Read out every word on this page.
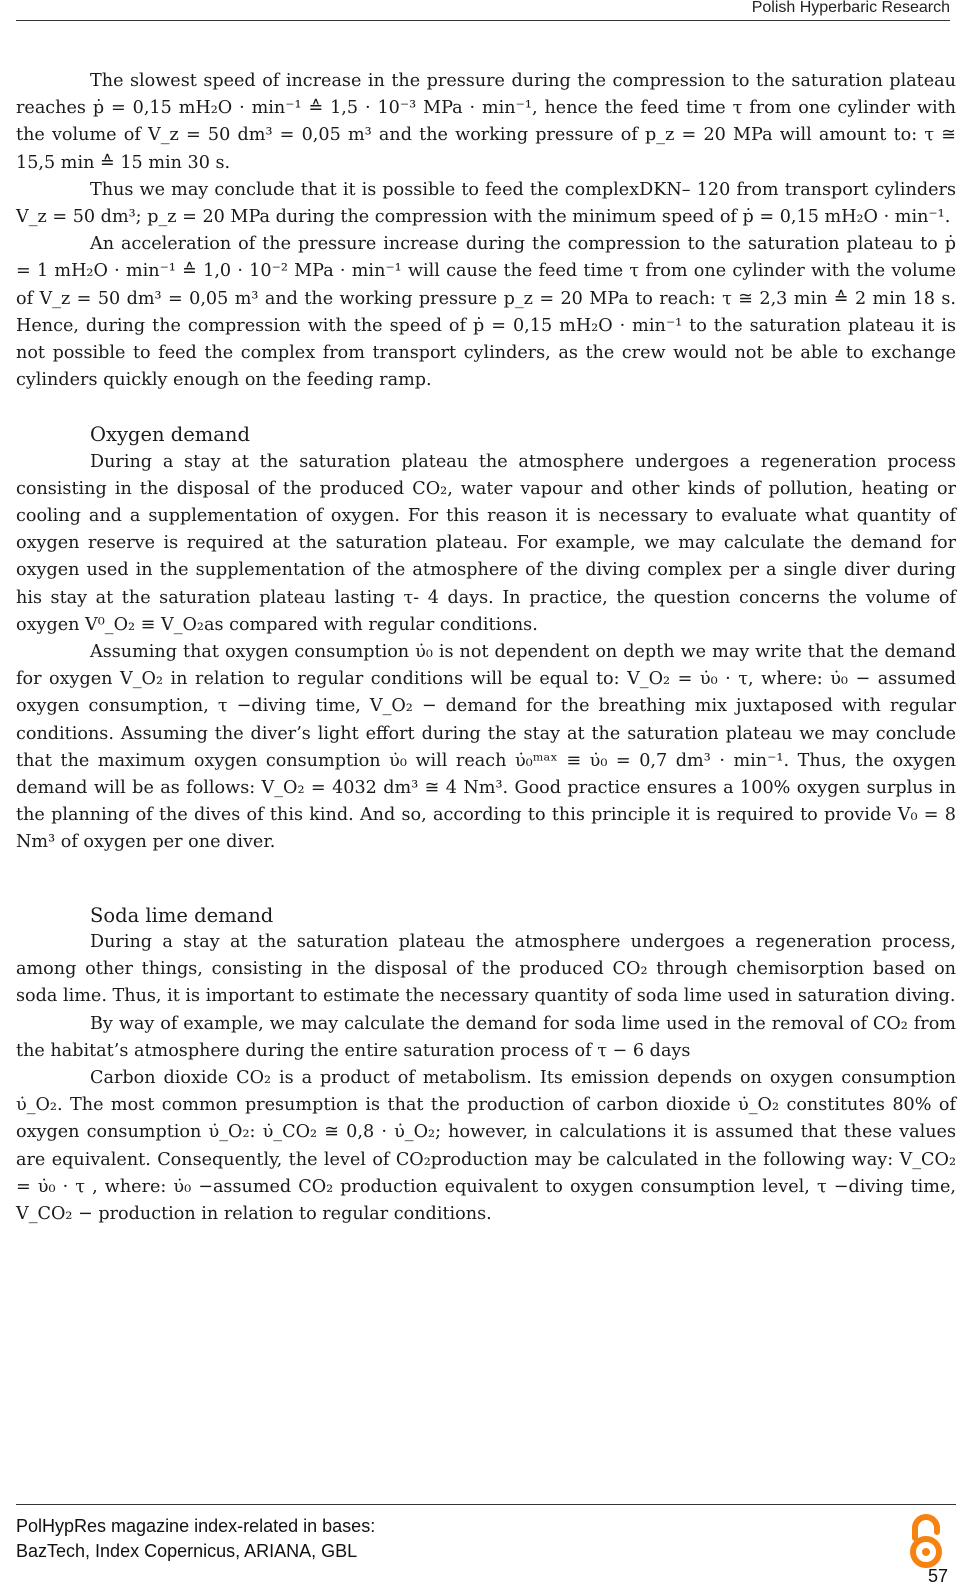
Polish Hyperbaric Research

The slowest speed of increase in the pressure during the compression to the saturation plateau reaches ṗ = 0,15 mH₂O · min⁻¹ ≙ 1,5 · 10⁻³ MPa · min⁻¹, hence the feed time τ from one cylinder with the volume of V_z = 50 dm³ = 0,05 m³ and the working pressure of p_z = 20 MPa will amount to: τ ≅ 15,5 min ≙ 15 min 30 s.

Thus we may conclude that it is possible to feed the complexDKN– 120 from transport cylinders V_z = 50 dm³; p_z = 20 MPa during the compression with the minimum speed of ṗ = 0,15 mH₂O · min⁻¹.

An acceleration of the pressure increase during the compression to the saturation plateau to ṗ = 1 mH₂O · min⁻¹ ≙ 1,0 · 10⁻² MPa · min⁻¹ will cause the feed time τ from one cylinder with the volume of V_z = 50 dm³ = 0,05 m³ and the working pressure p_z = 20 MPa to reach: τ ≅ 2,3 min ≙ 2 min 18 s. Hence, during the compression with the speed of ṗ = 0,15 mH₂O · min⁻¹ to the saturation plateau it is not possible to feed the complex from transport cylinders, as the crew would not be able to exchange cylinders quickly enough on the feeding ramp.

Oxygen demand

During a stay at the saturation plateau the atmosphere undergoes a regeneration process consisting in the disposal of the produced CO₂, water vapour and other kinds of pollution, heating or cooling and a supplementation of oxygen. For this reason it is necessary to evaluate what quantity of oxygen reserve is required at the saturation plateau. For example, we may calculate the demand for oxygen used in the supplementation of the atmosphere of the diving complex per a single diver during his stay at the saturation plateau lasting τ- 4 days. In practice, the question concerns the volume of oxygen V⁰_O₂ ≡ V_O₂as compared with regular conditions.

Assuming that oxygen consumption υ̇₀ is not dependent on depth we may write that the demand for oxygen V_O₂ in relation to regular conditions will be equal to: V_O₂ = υ̇₀ · τ, where: υ̇₀ − assumed oxygen consumption, τ −diving time, V_O₂ − demand for the breathing mix juxtaposed with regular conditions. Assuming the diver’s light effort during the stay at the saturation plateau we may conclude that the maximum oxygen consumption υ̇₀ will reach υ̇₀ᵐᵃˣ ≡ υ̇₀ = 0,7 dm³ · min⁻¹. Thus, the oxygen demand will be as follows: V_O₂ = 4032 dm³ ≅ 4 Nm³. Good practice ensures a 100% oxygen surplus in the planning of the dives of this kind. And so, according to this principle it is required to provide V₀ = 8 Nm³ of oxygen per one diver.

Soda lime demand

During a stay at the saturation plateau the atmosphere undergoes a regeneration process, among other things, consisting in the disposal of the produced CO₂ through chemisorption based on soda lime. Thus, it is important to estimate the necessary quantity of soda lime used in saturation diving.

By way of example, we may calculate the demand for soda lime used in the removal of CO₂ from the habitat’s atmosphere during the entire saturation process of τ − 6 days

Carbon dioxide CO₂ is a product of metabolism. Its emission depends on oxygen consumption υ̇_O₂. The most common presumption is that the production of carbon dioxide υ̇_O₂ constitutes 80% of oxygen consumption υ̇_O₂: υ̇_CO₂ ≅ 0,8 · υ̇_O₂; however, in calculations it is assumed that these values are equivalent. Consequently, the level of CO₂production may be calculated in the following way: V_CO₂ = υ̇₀ · τ , where: υ̇₀ −assumed CO₂ production equivalent to oxygen consumption level, τ −diving time, V_CO₂ − production in relation to regular conditions.

PolHypRes magazine index-related in bases:
BazTech, Index Copernicus, ARIANA, GBL
57
